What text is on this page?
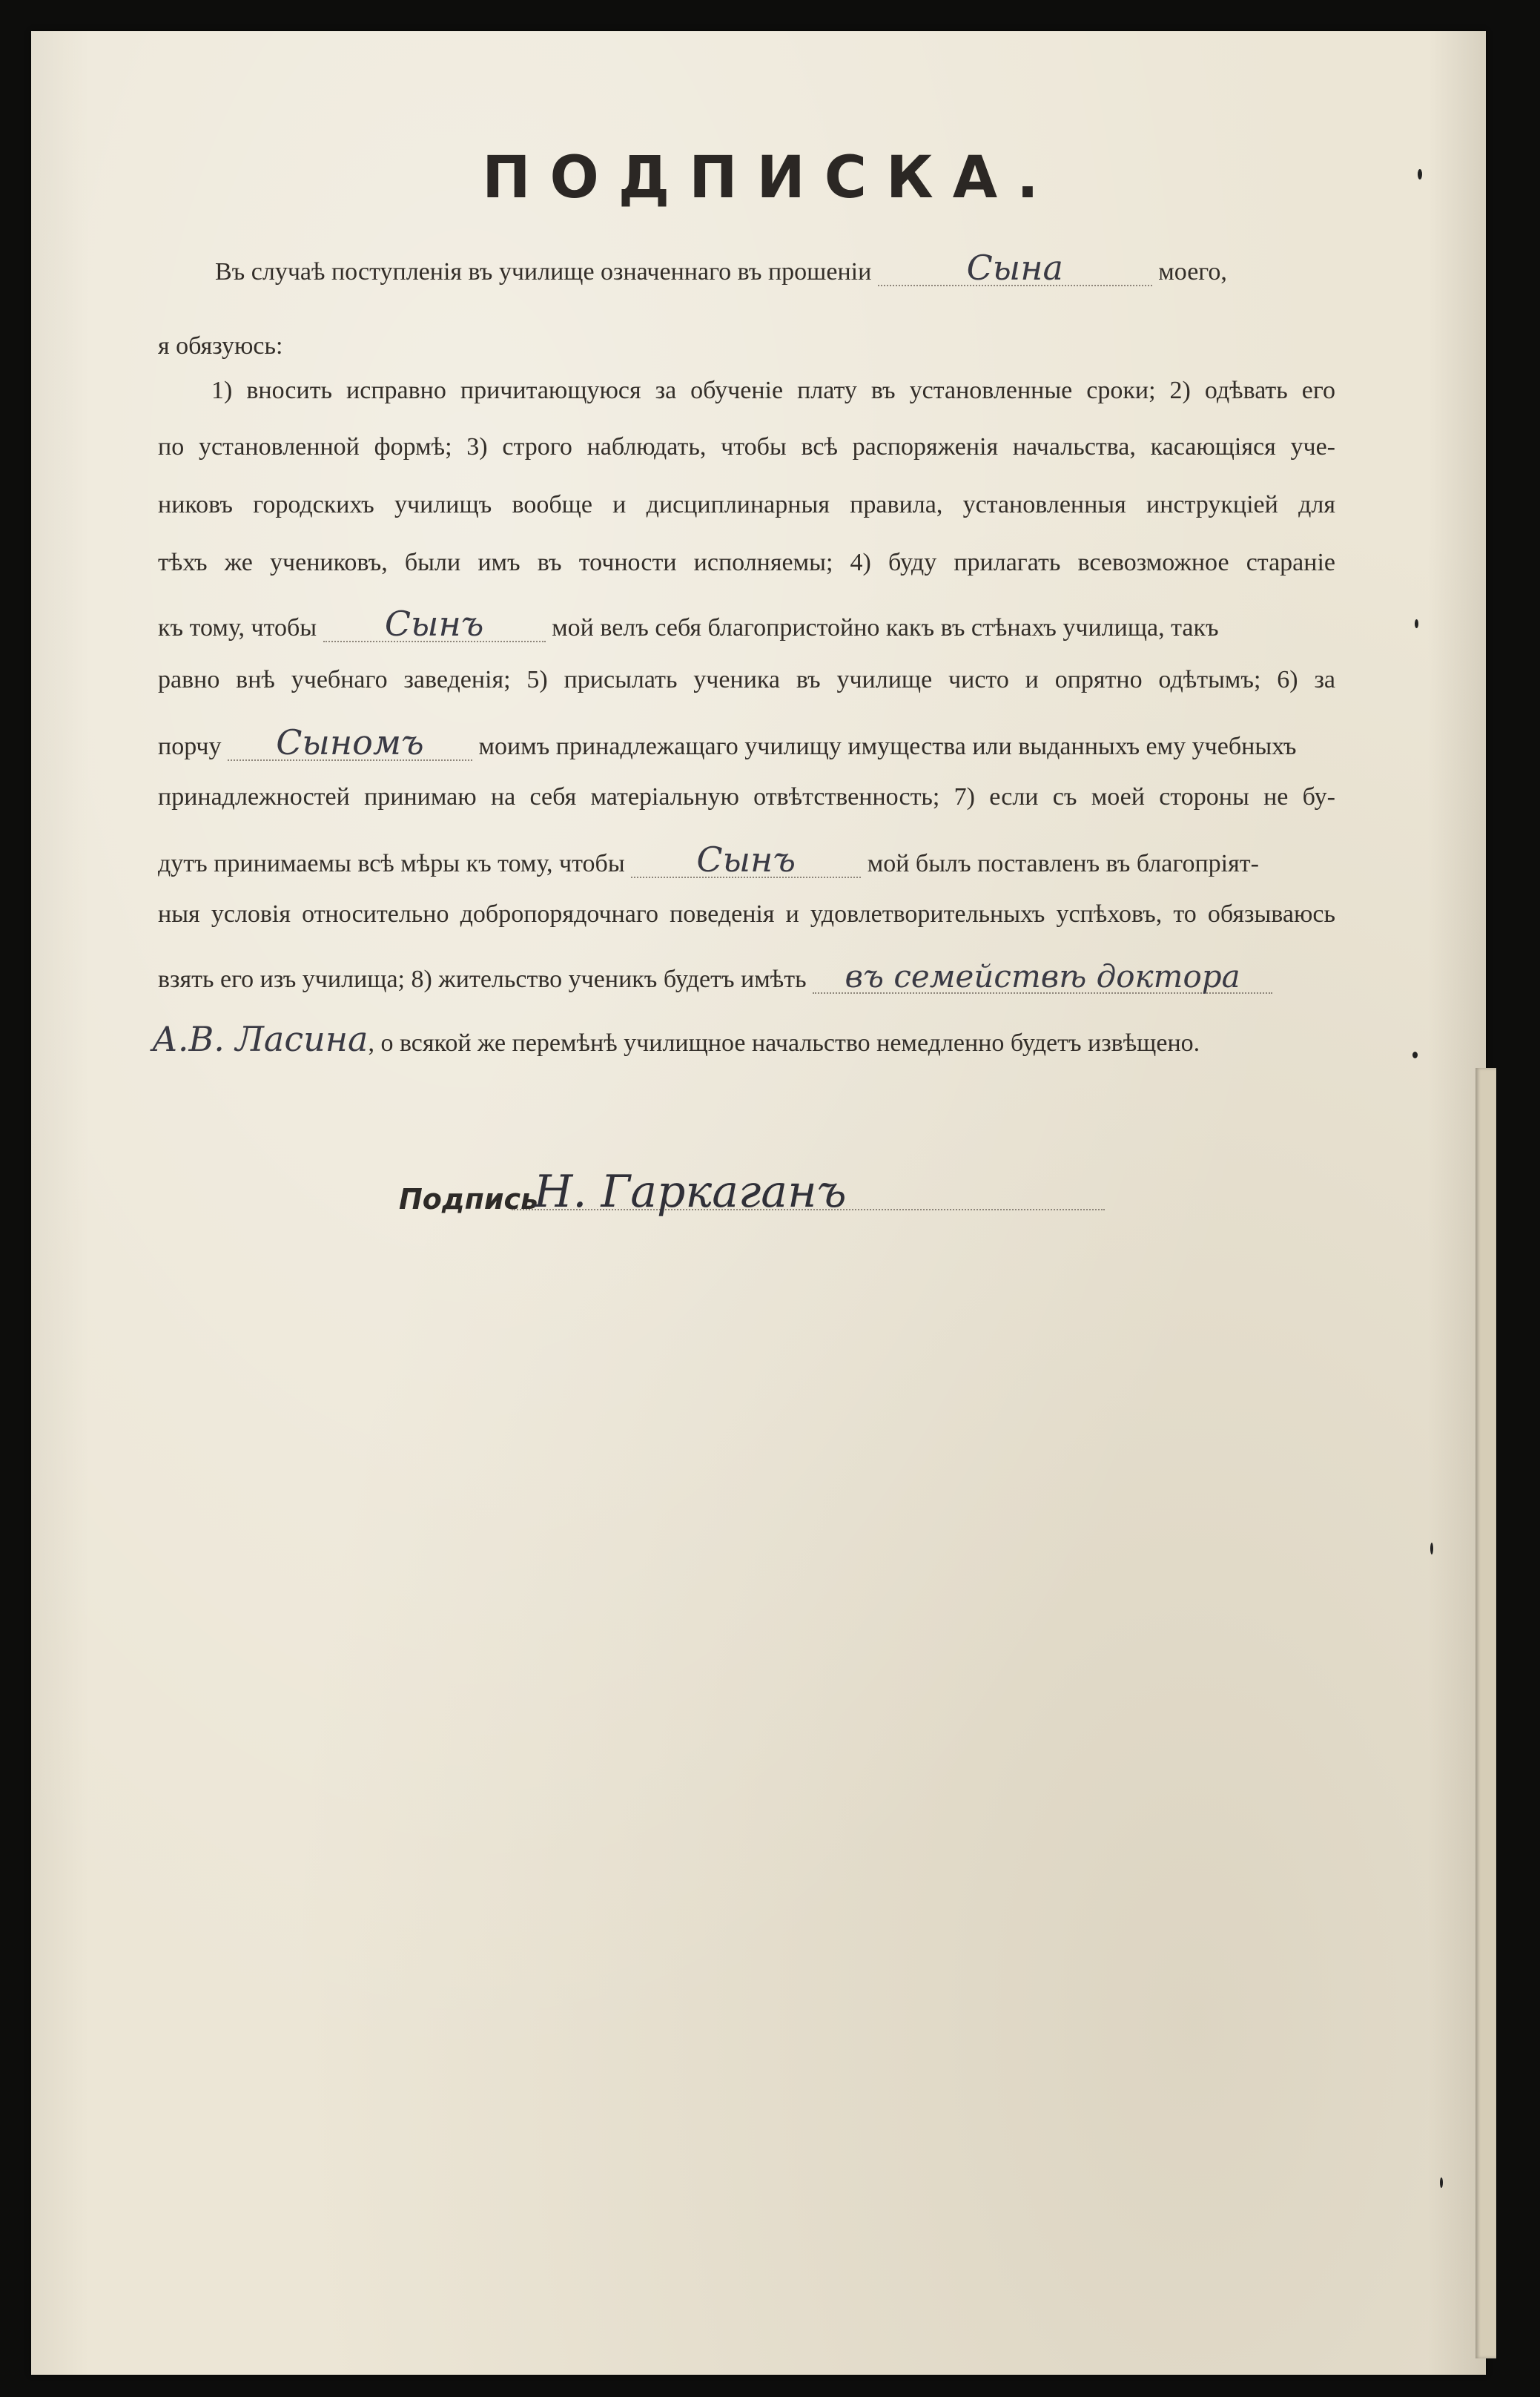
ПОДПИСКА.
Въ случаѣ поступленія въ училище означеннаго въ прошеніи	Сына	моего,
я обязуюсь:
1) вносить исправно причитающуюся за обученіе плату въ установленные сроки; 2) одѣвать его
по установленной формѣ; 3) строго наблюдать, чтобы всѣ распоряженія начальства, касающіяся уче-
никовъ городскихъ училищъ вообще и дисциплинарныя правила, установленныя инструкціей для
тѣхъ же учениковъ, были имъ въ точности исполняемы; 4) буду прилагать всевозможное стараніе
къ тому, чтобы Сынъ	мой велъ себя благопристойно какъ въ стѣнахъ училища, такъ
равно внѣ учебнаго заведенія; 5) присылать ученика въ училище чисто и опрятно одѣтымъ; 6) за
порчу Сыномъ моимъ принадлежащаго училищу имущества или выданныхъ ему учебныхъ
принадлежностей принимаю на себя матеріальную отвѣтственность; 7) если съ моей стороны не бу-
дутъ принимаемы всѣ мѣры къ тому, чтобы Сынъ	мой былъ поставленъ въ благопріят-
ныя условія относительно добропорядочнаго поведенія и удовлетворительныхъ успѣховъ, то обязываюсь
взять его изъ училища; 8) жительство ученикъ будетъ имѣть въ семействѣ доктора
А.В. Ласина, о всякой же перемѣнѣ училищное начальство немедленно будетъ извѣщено.
Подпись
Н. Гаркаганъ
